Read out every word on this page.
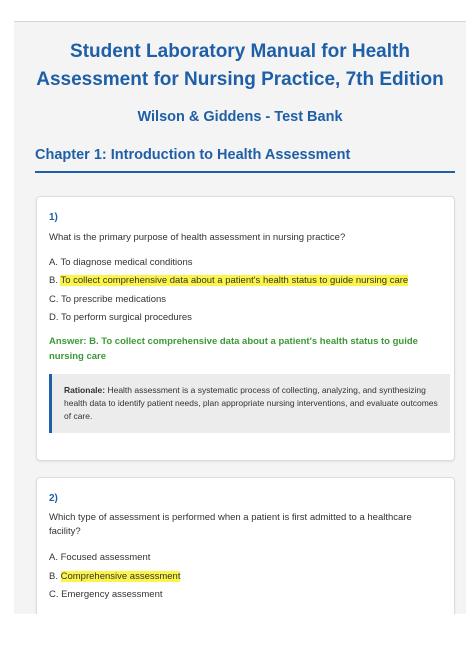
Student Laboratory Manual for Health
Assessment for Nursing Practice, 7th Edition
Wilson & Giddens - Test Bank
Chapter 1: Introduction to Health Assessment
1)
What is the primary purpose of health assessment in nursing practice?
A. To diagnose medical conditions
B. To collect comprehensive data about a patient's health status to guide nursing care
C. To prescribe medications
D. To perform surgical procedures
Answer: B. To collect comprehensive data about a patient's health status to guide nursing care
Rationale: Health assessment is a systematic process of collecting, analyzing, and synthesizing health data to identify patient needs, plan appropriate nursing interventions, and evaluate outcomes of care.
2)
Which type of assessment is performed when a patient is first admitted to a healthcare facility?
A. Focused assessment
B. Comprehensive assessment
C. Emergency assessment
